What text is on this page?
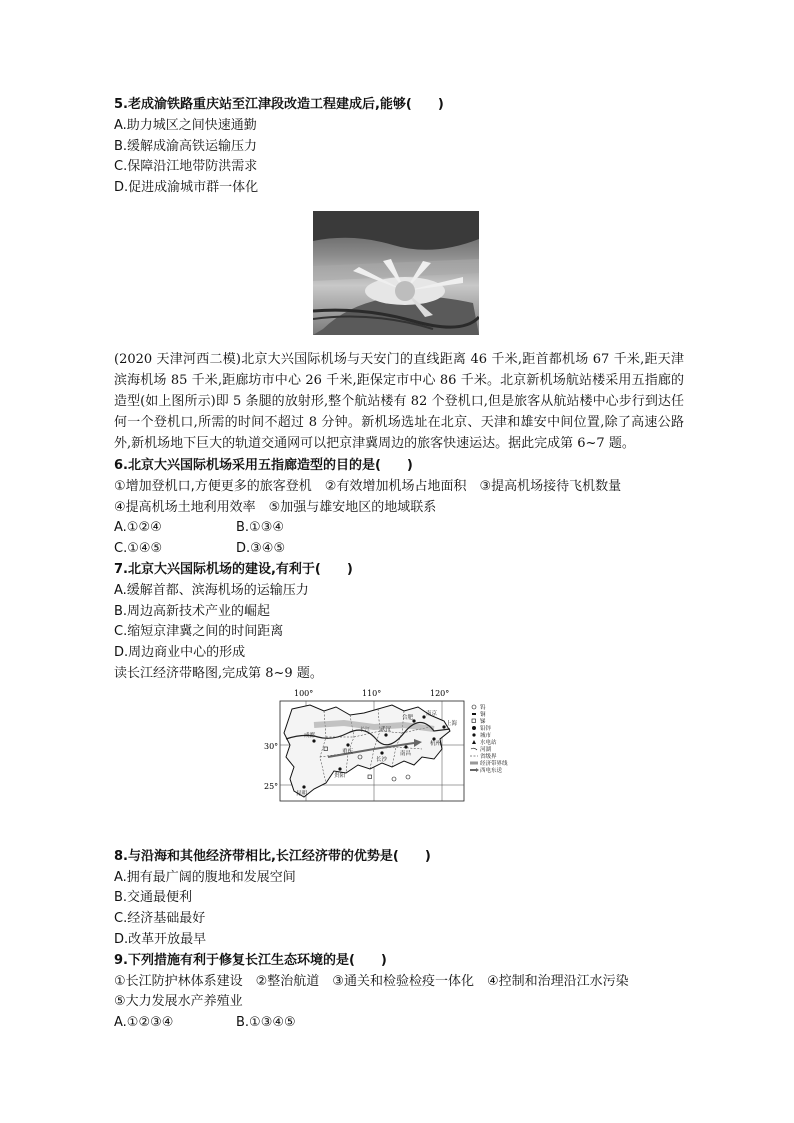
5.老成渝铁路重庆站至江津段改造工程建成后,能够(　　)

A.助力城区之间快速通勤

B.缓解成渝高铁运输压力

C.保障沿江地带防洪需求

D.促进成渝城市群一体化

(2020 天津河西二模)北京大兴国际机场与天安门的直线距离 46 千米,距首都机场 67 千米,距天津滨海机场 85 千米,距廊坊市中心 26 千米,距保定市中心 86 千米。北京新机场航站楼采用五指廊的造型(如上图所示)即 5 条腿的放射形,整个航站楼有 82 个登机口,但是旅客从航站楼中心步行到达任何一个登机口,所需的时间不超过 8 分钟。新机场选址在北京、天津和雄安中间位置,除了高速公路外,新机场地下巨大的轨道交通网可以把京津冀周边的旅客快速运达。据此完成第 6~7 题。

6.北京大兴国际机场采用五指廊造型的目的是(　　)

①增加登机口,方便更多的旅客登机　②有效增加机场占地面积　③提高机场接待飞机数量

④提高机场土地利用效率　⑤加强与雄安地区的地域联系

A.①②④	B.①③④
C.①④⑤	D.③④⑤

7.北京大兴国际机场的建设,有利于(　　)

A.缓解首都、滨海机场的运输压力

B.周边高新技术产业的崛起

C.缩短京津冀之间的时间距离

D.周边商业中心的形成

读长江经济带略图,完成第 8~9 题。

100°	110°	120°
30°
25°
成都
重庆
武汉
南京
上海
杭州
长沙
合肥
南昌
贵阳
昆明
长江
钨
铜
锑
铅锌
城市
水电站
河湖
省级界
经济带界线
西电东送

8.与沿海和其他经济带相比,长江经济带的优势是(　　)

A.拥有最广阔的腹地和发展空间

B.交通最便利

C.经济基础最好

D.改革开放最早

9.下列措施有利于修复长江生态环境的是(　　)

①长江防护林体系建设　②整治航道　③通关和检验检疫一体化　④控制和治理沿江水污染

⑤大力发展水产养殖业

A.①②③④	B.①③④⑤
